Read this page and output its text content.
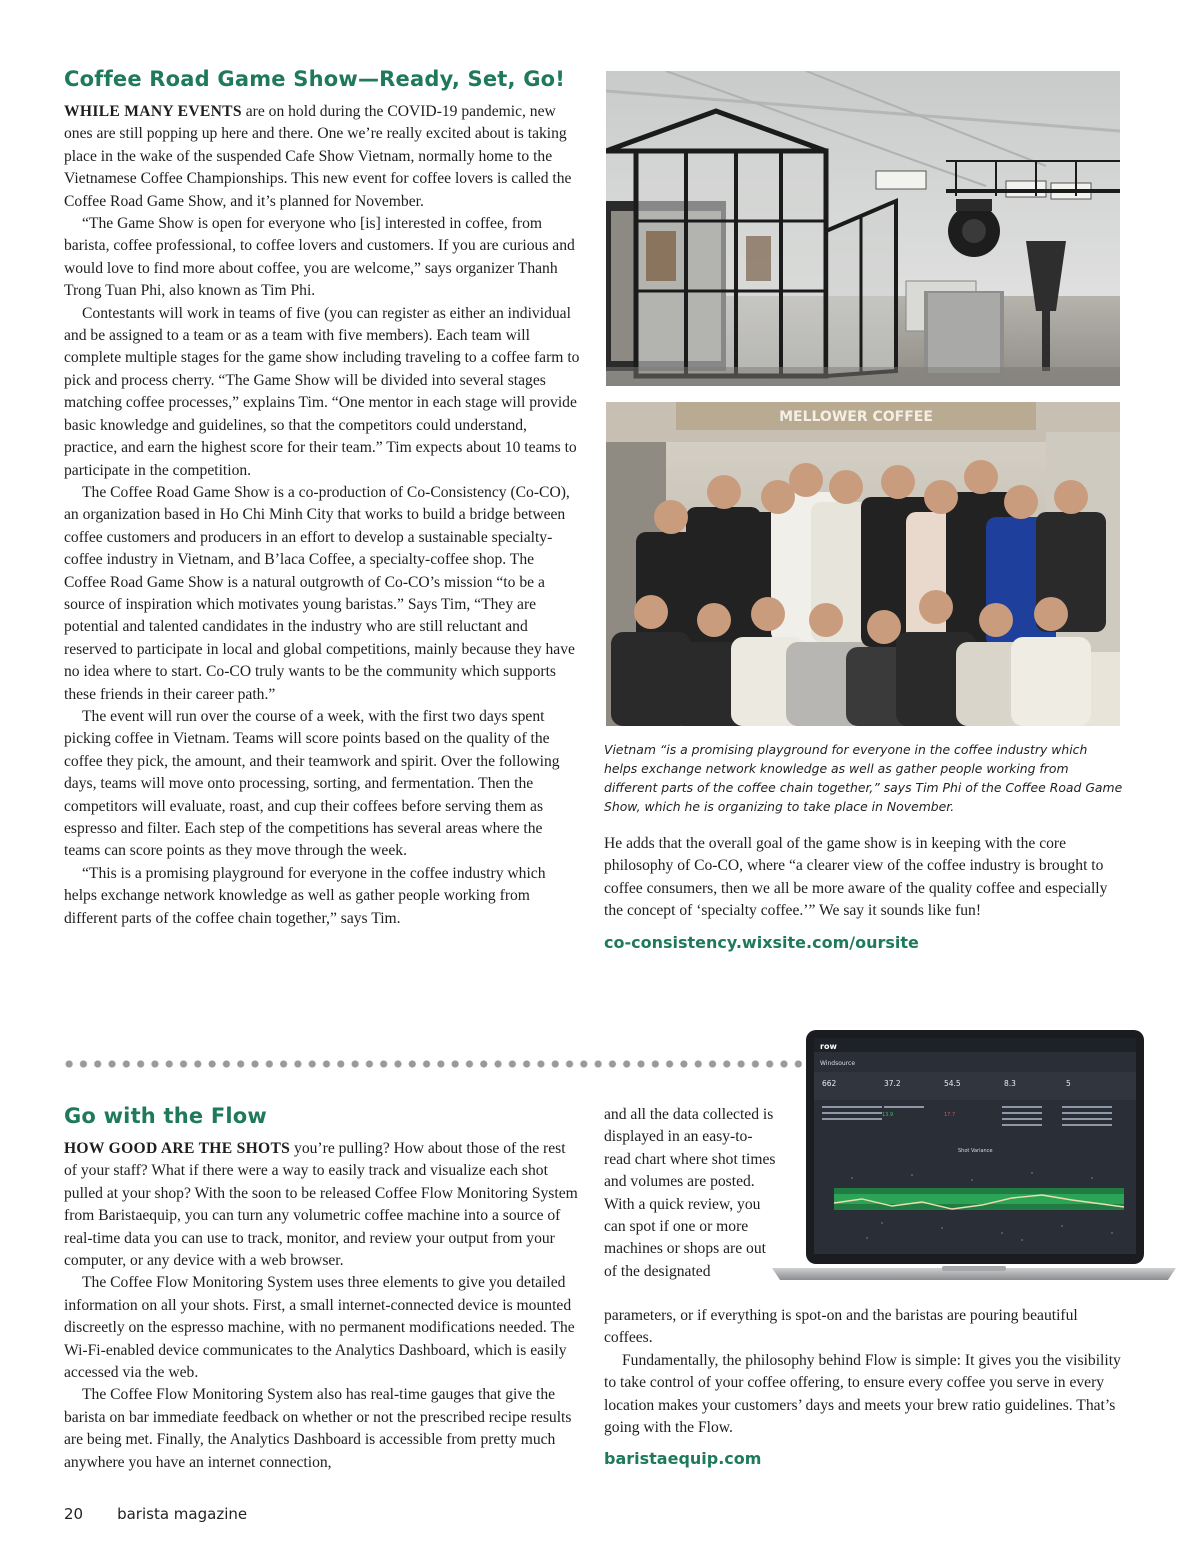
Coffee Road Game Show—Ready, Set, Go!

WHILE MANY EVENTS are on hold during the COVID-19 pandemic, new ones are still popping up here and there. One we’re really excited about is taking place in the wake of the suspended Cafe Show Vietnam, normally home to the Vietnamese Coffee Championships. This new event for coffee lovers is called the Coffee Road Game Show, and it’s planned for November.

“The Game Show is open for everyone who [is] interested in coffee, from barista, coffee professional, to coffee lovers and customers. If you are curious and would love to find more about coffee, you are welcome,” says organizer Thanh Trong Tuan Phi, also known as Tim Phi.

Contestants will work in teams of five (you can register as either an individual and be assigned to a team or as a team with five members). Each team will complete multiple stages for the game show including traveling to a coffee farm to pick and process cherry. “The Game Show will be divided into several stages matching coffee processes,” explains Tim. “One mentor in each stage will provide basic knowledge and guidelines, so that the competitors could understand, practice, and earn the highest score for their team.” Tim expects about 10 teams to participate in the competition.

The Coffee Road Game Show is a co-production of Co-Consistency (Co-CO), an organization based in Ho Chi Minh City that works to build a bridge between coffee customers and producers in an effort to develop a sustainable specialty-coffee industry in Vietnam, and B’laca Coffee, a specialty-coffee shop. The Coffee Road Game Show is a natural outgrowth of Co-CO’s mission “to be a source of inspiration which motivates young baristas.” Says Tim, “They are potential and talented candidates in the industry who are still reluctant and reserved to participate in local and global competitions, mainly because they have no idea where to start. Co-CO truly wants to be the community which supports these friends in their career path.”

The event will run over the course of a week, with the first two days spent picking coffee in Vietnam. Teams will score points based on the quality of the coffee they pick, the amount, and their teamwork and spirit. Over the following days, teams will move onto processing, sorting, and fermentation. Then the competitors will evaluate, roast, and cup their coffees before serving them as espresso and filter. Each step of the competitions has several areas where the teams can score points as they move through the week.

“This is a promising playground for everyone in the coffee industry which helps exchange network knowledge as well as gather people working from different parts of the coffee chain together,” says Tim.

MELLOWER COFFEE
Vietnam “is a promising playground for everyone in the coffee industry which helps exchange network knowledge as well as gather people working from different parts of the coffee chain together,” says Tim Phi of the Coffee Road Game Show, which he is organizing to take place in November.

He adds that the overall goal of the game show is in keeping with the core philosophy of Co-CO, where “a clearer view of the coffee industry is brought to coffee consumers, then we all be more aware of the quality coffee and especially the concept of ‘specialty coffee.’” We say it sounds like fun!

co-consistency.wixsite.com/oursite
row
Windsource
662	37.2	54.5	8.3	5
13.9	17.7
Shot Variance
Go with the Flow

HOW GOOD ARE THE SHOTS you’re pulling? How about those of the rest of your staff? What if there were a way to easily track and visualize each shot pulled at your shop? With the soon to be released Coffee Flow Monitoring System from Baristaequip, you can turn any volumetric coffee machine into a source of real-time data you can use to track, monitor, and review your output from your computer, or any device with a web browser.

The Coffee Flow Monitoring System uses three elements to give you detailed information on all your shots. First, a small internet-connected device is mounted discreetly on the espresso machine, with no permanent modifications needed. The Wi-Fi-enabled device communicates to the Analytics Dashboard, which is easily accessed via the web.

The Coffee Flow Monitoring System also has real-time gauges that give the barista on bar immediate feedback on whether or not the prescribed recipe results are being met. Finally, the Analytics Dashboard is accessible from pretty much anywhere you have an internet connection,

and all the data collected is displayed in an easy-to-read chart where shot times and volumes are posted. With a quick review, you can spot if one or more machines or shops are out of the designated

parameters, or if everything is spot-on and the baristas are pouring beautiful coffees.

Fundamentally, the philosophy behind Flow is simple: It gives you the visibility to take control of your coffee offering, to ensure every coffee you serve in every location makes your customers’ days and meets your brew ratio guidelines. That’s going with the Flow.

baristaequip.com
20 barista magazine
